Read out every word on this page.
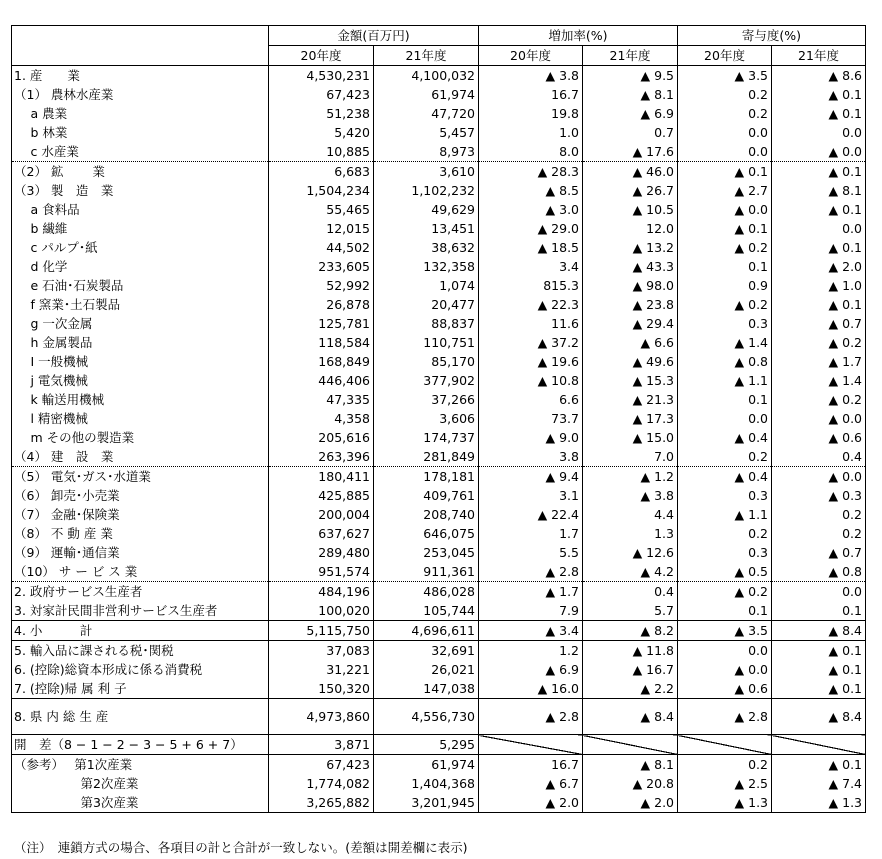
	金額(百万円)		増加率(%)		寄与度(%)	
	20年度	21年度	20年度	21年度	20年度	21年度
1. 産　　業	4,530,231	4,100,032	▲ 3.8	▲ 9.5	▲ 3.5	▲ 8.6
（1） 農林水産業	67,423	61,974	16.7	▲ 8.1	0.2	▲ 0.1
　 a 農業	51,238	47,720	19.8	▲ 6.9	0.2	▲ 0.1
　 b 林業	5,420	5,457	1.0	0.7	0.0	0.0
　 c 水産業	10,885	8,973	8.0	▲ 17.6	0.0	▲ 0.0
（2） 鉱　　 業	6,683	3,610	▲ 28.3	▲ 46.0	▲ 0.1	▲ 0.1
（3） 製　造　業	1,504,234	1,102,232	▲ 8.5	▲ 26.7	▲ 2.7	▲ 8.1
　 a 食料品	55,465	49,629	▲ 3.0	▲ 10.5	▲ 0.0	▲ 0.1
　 b 繊維	12,015	13,451	▲ 29.0	12.0	▲ 0.1	0.0
　 c パルプ･紙	44,502	38,632	▲ 18.5	▲ 13.2	▲ 0.2	▲ 0.1
　 d 化学	233,605	132,358	3.4	▲ 43.3	0.1	▲ 2.0
　 e 石油･石炭製品	52,992	1,074	815.3	▲ 98.0	0.9	▲ 1.0
　 f 窯業･土石製品	26,878	20,477	▲ 22.3	▲ 23.8	▲ 0.2	▲ 0.1
　 g 一次金属	125,781	88,837	11.6	▲ 29.4	0.3	▲ 0.7
　 h 金属製品	118,584	110,751	▲ 37.2	▲ 6.6	▲ 1.4	▲ 0.2
　 I 一般機械	168,849	85,170	▲ 19.6	▲ 49.6	▲ 0.8	▲ 1.7
　 j 電気機械	446,406	377,902	▲ 10.8	▲ 15.3	▲ 1.1	▲ 1.4
　 k 輸送用機械	47,335	37,266	6.6	▲ 21.3	0.1	▲ 0.2
　 l 精密機械	4,358	3,606	73.7	▲ 17.3	0.0	▲ 0.0
　 m その他の製造業	205,616	174,737	▲ 9.0	▲ 15.0	▲ 0.4	▲ 0.6
（4） 建　設　業	263,396	281,849	3.8	7.0	0.2	0.4
（5） 電気･ガス･水道業	180,411	178,181	▲ 9.4	▲ 1.2	▲ 0.4	▲ 0.0
（6） 卸売･小売業	425,885	409,761	3.1	▲ 3.8	0.3	▲ 0.3
（7） 金融･保険業	200,004	208,740	▲ 22.4	4.4	▲ 1.1	0.2
（8） 不 動 産 業	637,627	646,075	1.7	1.3	0.2	0.2
（9） 運輸･通信業	289,480	253,045	5.5	▲ 12.6	0.3	▲ 0.7
（10） サ ー ビ ス 業	951,574	911,361	▲ 2.8	▲ 4.2	▲ 0.5	▲ 0.8
2. 政府サービス生産者	484,196	486,028	▲ 1.7	0.4	▲ 0.2	0.0
3. 対家計民間非営利サービス生産者	100,020	105,744	7.9	5.7	0.1	0.1
4. 小　　　計	5,115,750	4,696,611	▲ 3.4	▲ 8.2	▲ 3.5	▲ 8.4
5. 輸入品に課される税･関税	37,083	32,691	1.2	▲ 11.8	0.0	▲ 0.1
6. (控除)総資本形成に係る消費税	31,221	26,021	▲ 6.9	▲ 16.7	▲ 0.0	▲ 0.1
7. (控除)帰 属 利 子	150,320	147,038	▲ 16.0	▲ 2.2	▲ 0.6	▲ 0.1
8. 県 内 総 生 産	4,973,860	4,556,730	▲ 2.8	▲ 8.4	▲ 2.8	▲ 8.4
開　差（8 − 1 − 2 − 3 − 5 + 6 + 7）	3,871	5,295				
（参考）　 第1次産業	67,423	61,974	16.7	▲ 8.1	0.2	▲ 0.1
　　　　　 第2次産業	1,774,082	1,404,368	▲ 6.7	▲ 20.8	▲ 2.5	▲ 7.4
　　　　　 第3次産業	3,265,882	3,201,945	▲ 2.0	▲ 2.0	▲ 1.3	▲ 1.3
（注）　連鎖方式の場合、各項目の計と合計が一致しない。(差額は開差欄に表示)
